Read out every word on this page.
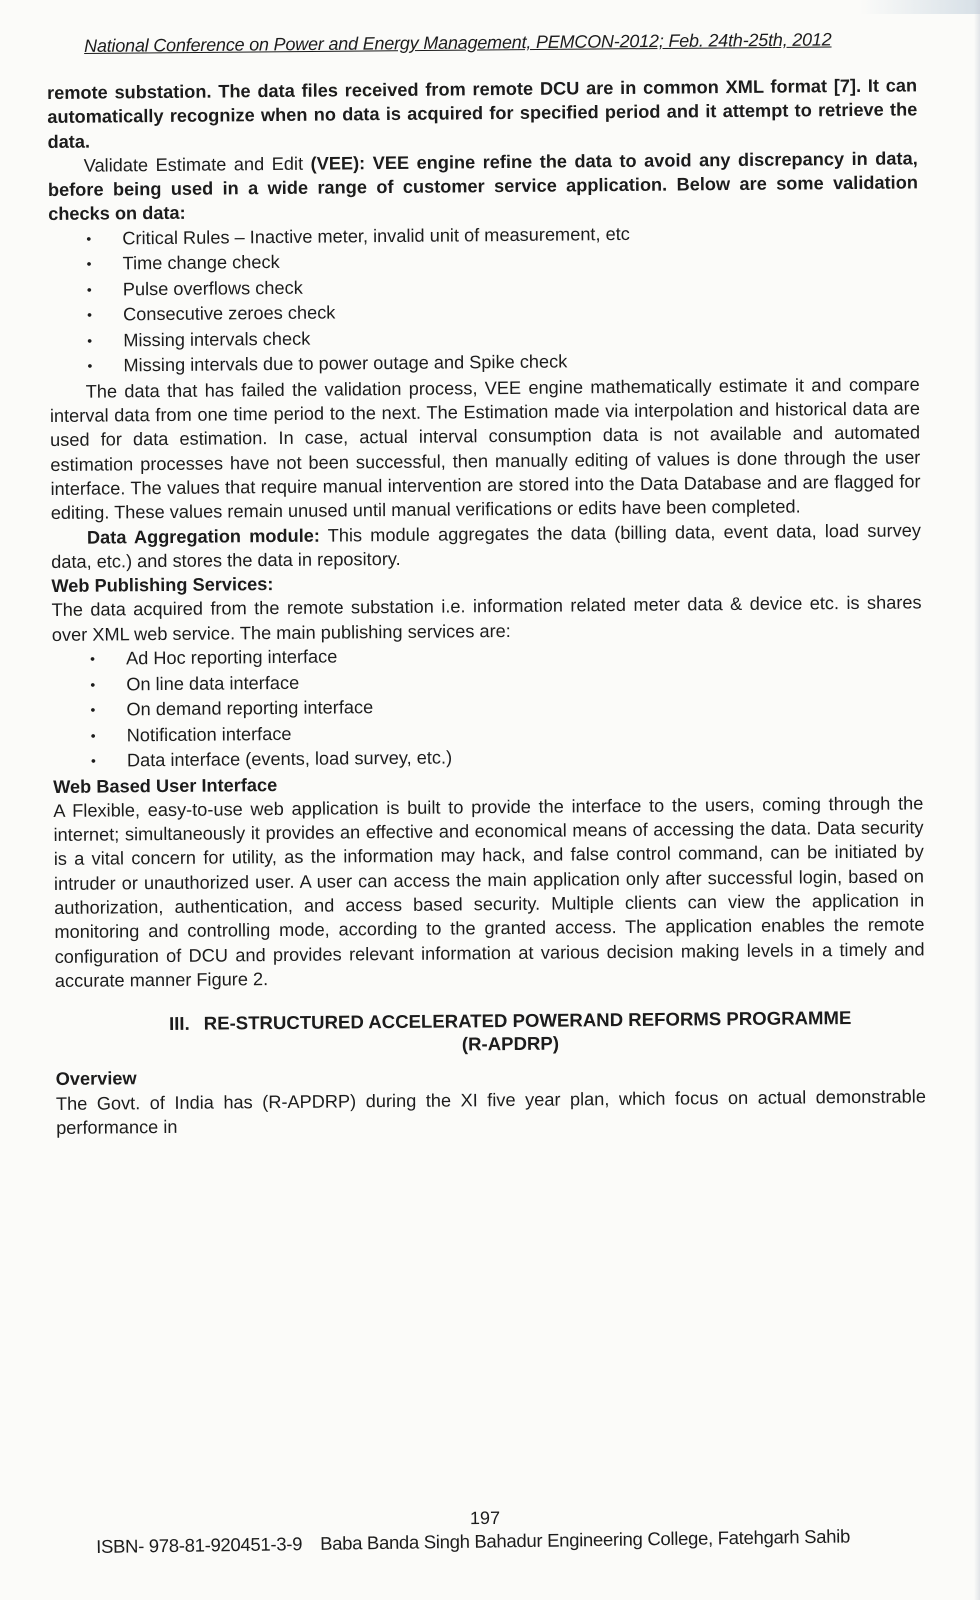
National Conference on Power and Energy Management, PEMCON-2012; Feb. 24th-25th, 2012

remote substation. The data files received from remote DCU are in common XML format [7]. It can automatically recognize when no data is acquired for specified period and it attempt to retrieve the data.

Validate Estimate and Edit (VEE): VEE engine refine the data to avoid any discrepancy in data, before being used in a wide range of customer service application. Below are some validation checks on data:

• Critical Rules – Inactive meter, invalid unit of measurement, etc
• Time change check
• Pulse overflows check
• Consecutive zeroes check
• Missing intervals check
• Missing intervals due to power outage and Spike check

The data that has failed the validation process, VEE engine mathematically estimate it and compare interval data from one time period to the next. The Estimation made via interpolation and historical data are used for data estimation. In case, actual interval consumption data is not available and automated estimation processes have not been successful, then manually editing of values is done through the user interface. The values that require manual intervention are stored into the Data Database and are flagged for editing. These values remain unused until manual verifications or edits have been completed.

Data Aggregation module: This module aggregates the data (billing data, event data, load survey data, etc.) and stores the data in repository.

Web Publishing Services:

The data acquired from the remote substation i.e. information related meter data & device etc. is shares over XML web service. The main publishing services are:

• Ad Hoc reporting interface
• On line data interface
• On demand reporting interface
• Notification interface
• Data interface (events, load survey, etc.)

Web Based User Interface

A Flexible, easy-to-use web application is built to provide the interface to the users, coming through the internet; simultaneously it provides an effective and economical means of accessing the data. Data security is a vital concern for utility, as the information may hack, and false control command, can be initiated by intruder or unauthorized user. A user can access the main application only after successful login, based on authorization, authentication, and access based security. Multiple clients can view the application in monitoring and controlling mode, according to the granted access. The application enables the remote configuration of DCU and provides relevant information at various decision making levels in a timely and accurate manner Figure 2.

III. RE-STRUCTURED ACCELERATED POWERAND REFORMS PROGRAMME
(R-APDRP)

Overview

The Govt. of India has (R-APDRP) during the XI five year plan, which focus on actual demonstrable performance in

197
ISBN- 978-81-920451-3-9 Baba Banda Singh Bahadur Engineering College, Fatehgarh Sahib
